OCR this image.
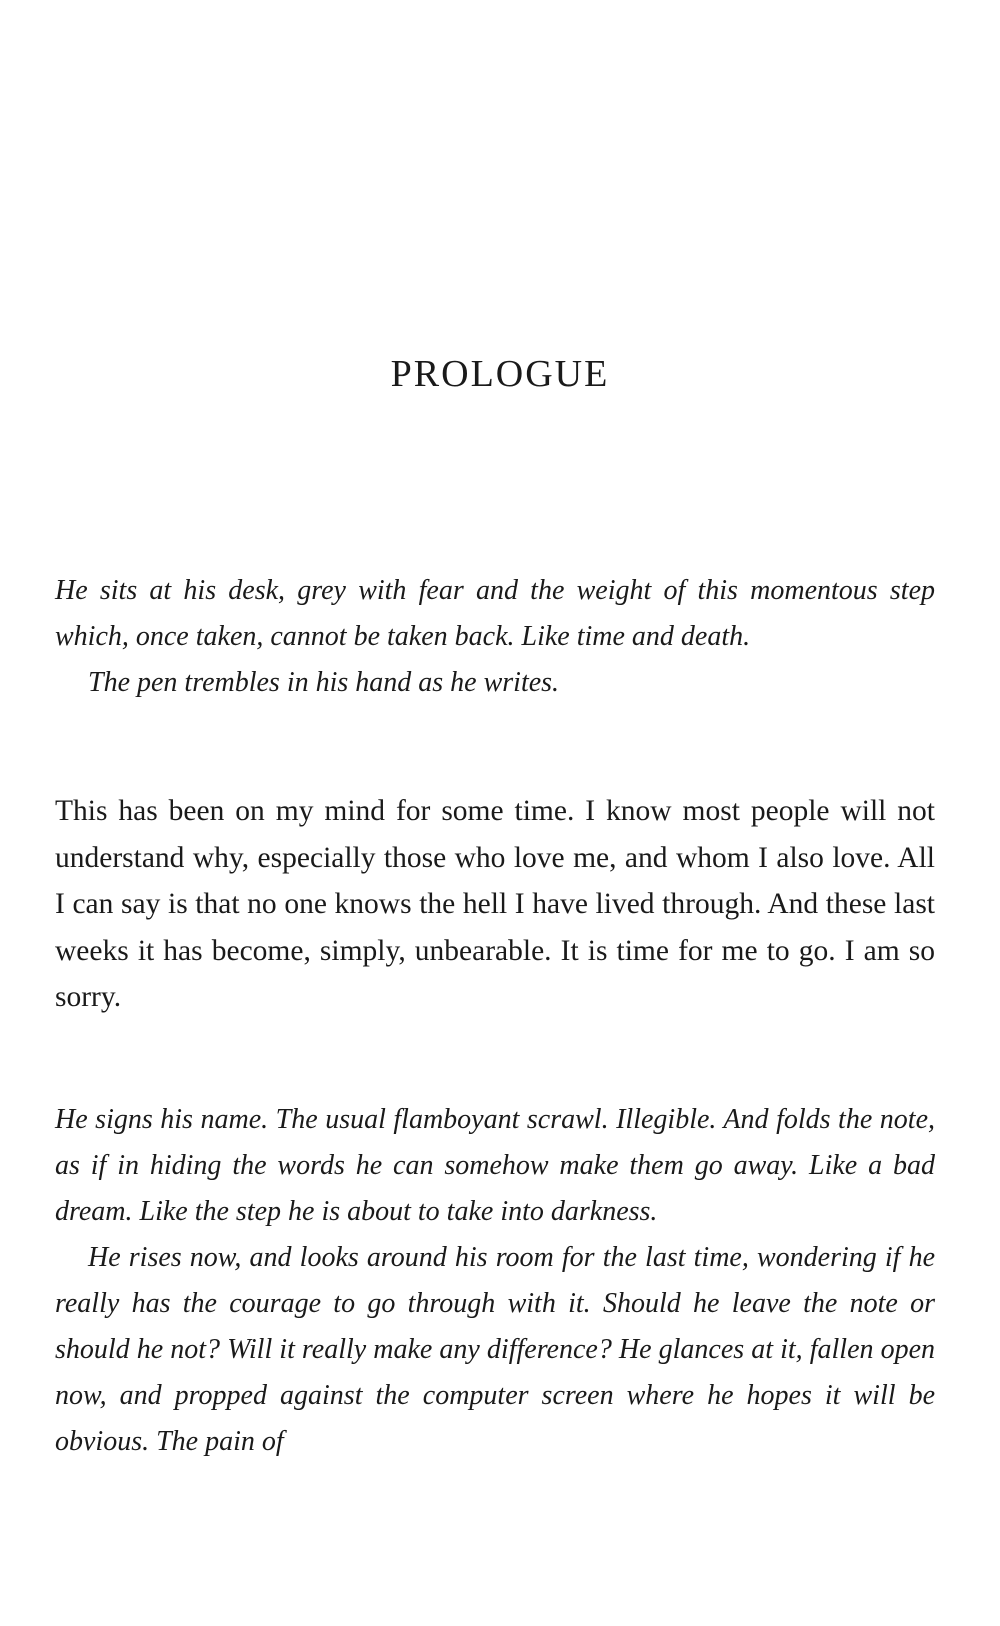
PROLOGUE

He sits at his desk, grey with fear and the weight of this momentous step which, once taken, cannot be taken back. Like time and death.

The pen trembles in his hand as he writes.

This has been on my mind for some time. I know most people will not understand why, especially those who love me, and whom I also love. All I can say is that no one knows the hell I have lived through. And these last weeks it has become, simply, unbearable. It is time for me to go. I am so sorry.

He signs his name. The usual flamboyant scrawl. Illegible. And folds the note, as if in hiding the words he can somehow make them go away. Like a bad dream. Like the step he is about to take into darkness.

He rises now, and looks around his room for the last time, wondering if he really has the courage to go through with it. Should he leave the note or should he not? Will it really make any difference? He glances at it, fallen open now, and propped against the computer screen where he hopes it will be obvious. The pain of
